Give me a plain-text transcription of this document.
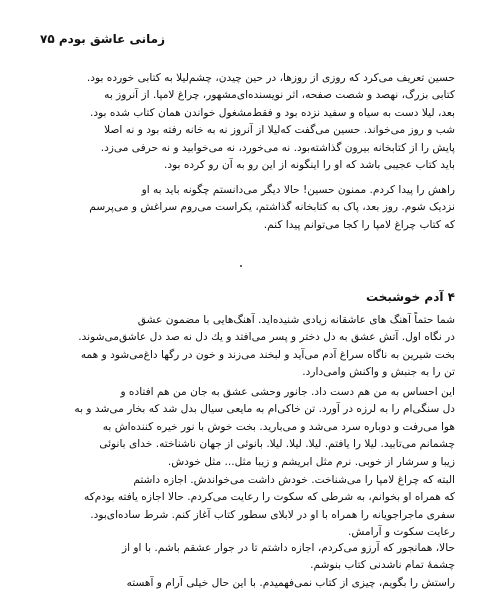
زمانی عاشق بودم ۷۵
حسین تعریف می‌کرد که روزی از روزها، در حین چیدن، چشم‌لیلا به کتابی خورده بود.
کتابی بزرگ، نهصد و شصت صفحه، اثر نویسنده‌ای‌مشهور، چراغ لامپا. از آنروز به
بعد، لیلا دست به سیاه و سفید نزده بود و فقط‌مشغول خواندن همان کتاب شده بود.
شب و روز می‌خواند. حسین می‌گفت که‌لیلا از آنروز نه به خانه رفته بود و نه اصلا
پایش را از کتابخانه بیرون گذاشته‌بود. نه می‌خورد، نه می‌خوابید و نه حرفی می‌زد.
باید کتاب عجیبی باشد که او را اینگونه از این رو به آن رو کرده بود.
راهش را پیدا کردم. ممنون حسین! حالا دیگر می‌دانستم چگونه باید به او
نزدیک شوم. روز بعد، پاک به کتابخانه گذاشتم، یکراست می‌روم سراغش و می‌پرسم
که کتاب چراغ لامپا را کجا می‌توانم پیدا کنم.
۴ آدم خوشبخت
شما حتماً آهنگ های عاشقانه زیادی شنیده‌اید. آهنگ‌هایی با مضمون عشق
در نگاه اول. آتش عشق به دل دختر و پسر می‌افتد و یك دل نه صد دل عاشق‌می‌شوند.
بخت شیرین به ناگاه سراغ آدم می‌آید و لبخند می‌زند و خون در رگها داغ‌می‌شود و همه
تن را به جنبش و واکنش وامی‌دارد.
این احساس به من هم دست داد. جانور وحشی عشق به جان من هم افتاده و
دل سنگی‌ام را به لرزه در آورد. تن خاکی‌ام به مایعی سیال بدل شد که بخار می‌شد و به
هوا می‌رفت و دوباره سرد می‌شد و می‌بارید. بخت خوش با نور خیره کننده‌اش به
چشمانم می‌تابید. لیلا را یافتم. لیلا. لیلا. لیلا. بانوئی از جهان ناشناخته. خدای بانوئی
زیبا و سرشار از خوبی. نرم مثل ابریشم و زیبا مثل... مثل خودش.
البته که چراغ لامپا را می‌شناخت. خودش داشت می‌خواندش. اجازه داشتم
که همراه او بخوانم، به شرطی که سکوت را رعایت می‌کردم. حالا اجازه یافته بودم‌که
سفری ماجراجویانه را همراه با او در لابلای سطور کتاب آغاز کنم. شرط ساده‌ای‌بود.
رعایت سکوت و آرامش.
حالا، همانجور که آرزو می‌کردم، اجازه داشتم تا در جوار عشقم باشم. با او از
چشمهٔ تمام ناشدنی کتاب بنوشم.
راستش را بگویم، چیزی از کتاب نمی‌فهمیدم. با این حال خیلی آرام و آهسته
